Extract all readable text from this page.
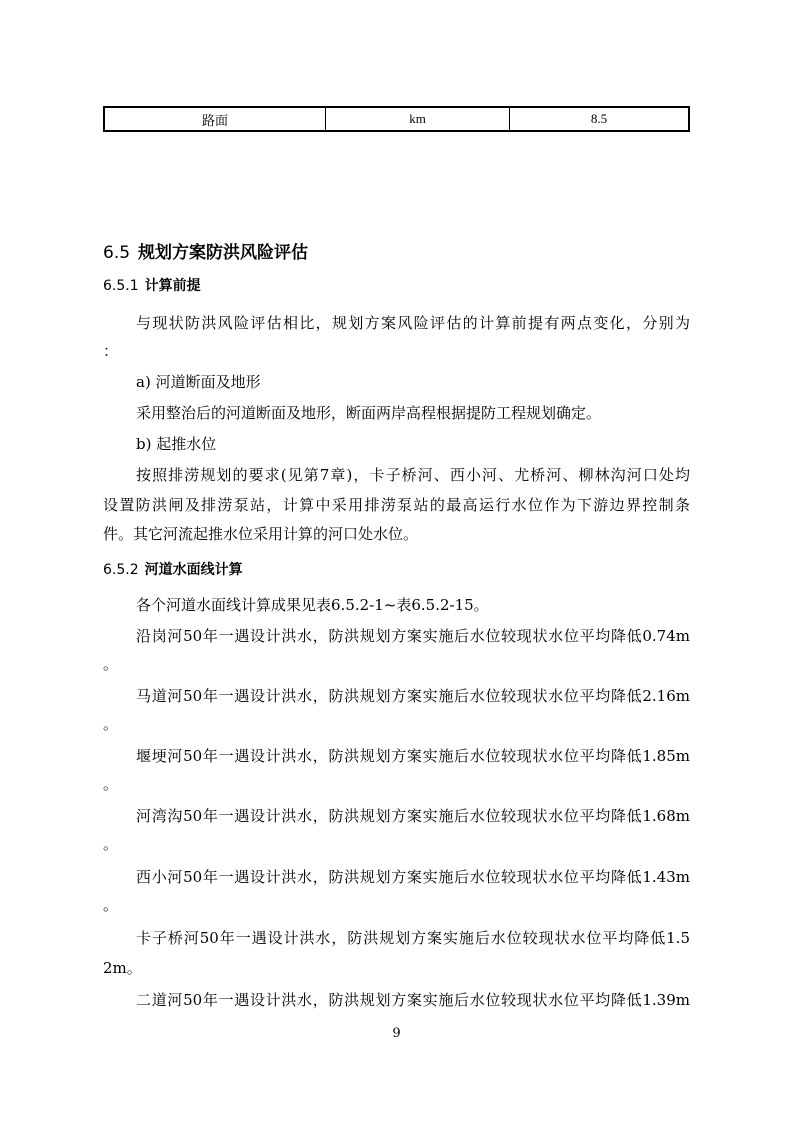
路面	km	8.5
6.5 规划方案防洪风险评估
6.5.1 计算前提
与现状防洪风险评估相比，规划方案风险评估的计算前提有两点变化，分别为
：
a) 河道断面及地形
采用整治后的河道断面及地形，断面两岸高程根据提防工程规划确定。
b) 起推水位
按照排涝规划的要求(见第7章)，卡子桥河、西小河、尤桥河、柳林沟河口处均
设置防洪闸及排涝泵站，计算中采用排涝泵站的最高运行水位作为下游边界控制条
件。其它河流起推水位采用计算的河口处水位。
6.5.2 河道水面线计算
各个河道水面线计算成果见表6.5.2-1~表6.5.2-15。
沿岗河50年一遇设计洪水，防洪规划方案实施后水位较现状水位平均降低0.74m
。
马道河50年一遇设计洪水，防洪规划方案实施后水位较现状水位平均降低2.16m
。
堰埂河50年一遇设计洪水，防洪规划方案实施后水位较现状水位平均降低1.85m
。
河湾沟50年一遇设计洪水，防洪规划方案实施后水位较现状水位平均降低1.68m
。
西小河50年一遇设计洪水，防洪规划方案实施后水位较现状水位平均降低1.43m
。
卡子桥河50年一遇设计洪水，防洪规划方案实施后水位较现状水位平均降低1.5
2m。
二道河50年一遇设计洪水，防洪规划方案实施后水位较现状水位平均降低1.39m
9
